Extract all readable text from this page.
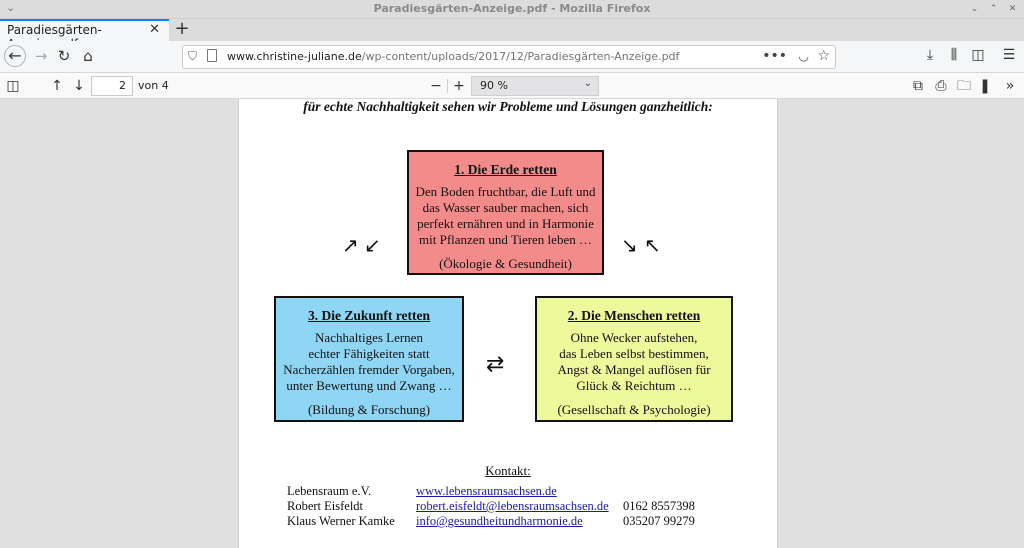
⌄	Paradiesgärten-Anzeige.pdf - Mozilla Firefox	⌄	⌃	✕
Paradiesgärten-	✕ +
← → ↻ ⌂	⛉	www.christine-juliane.de/wp-content/uploads/2017/12/Paradiesgärten-Anzeige.pdf	••• ◡ ☆	⤓	⫼	◫ ☰
◫ ↑ ↓	2	von 4	− +	90 %	⌄	⧉ ⎙ 🗀 ❚	»
für echte Nachhaltigkeit sehen wir Probleme und Lösungen ganzheitlich:
1. Die Erde retten
Den Boden fruchtbar, die Luft und
das Wasser sauber machen, sich
perfekt ernähren und in Harmonie
mit Pflanzen und Tieren leben …
(Ökologie & Gesundheit)
3. Die Zukunft retten
Nachhaltiges Lernen
echter Fähigkeiten statt
Nacherzählen fremder Vorgaben,
unter Bewertung und Zwang …
(Bildung & Forschung)
2. Die Menschen retten
Ohne Wecker aufstehen,
das Leben selbst bestimmen,
Angst & Mangel auflösen für
Glück & Reichtum …
(Gesellschaft & Psychologie)
↗ ↙	↘ ↖
⇄
Kontakt:
Lebensraum e.V.	www.lebensraumsachsen.de
Robert Eisfeldt	robert.eisfeldt@lebensraumsachsen.de 0162 8557398
Klaus Werner Kamke info@gesundheitundharmonie.de	035207 99279
